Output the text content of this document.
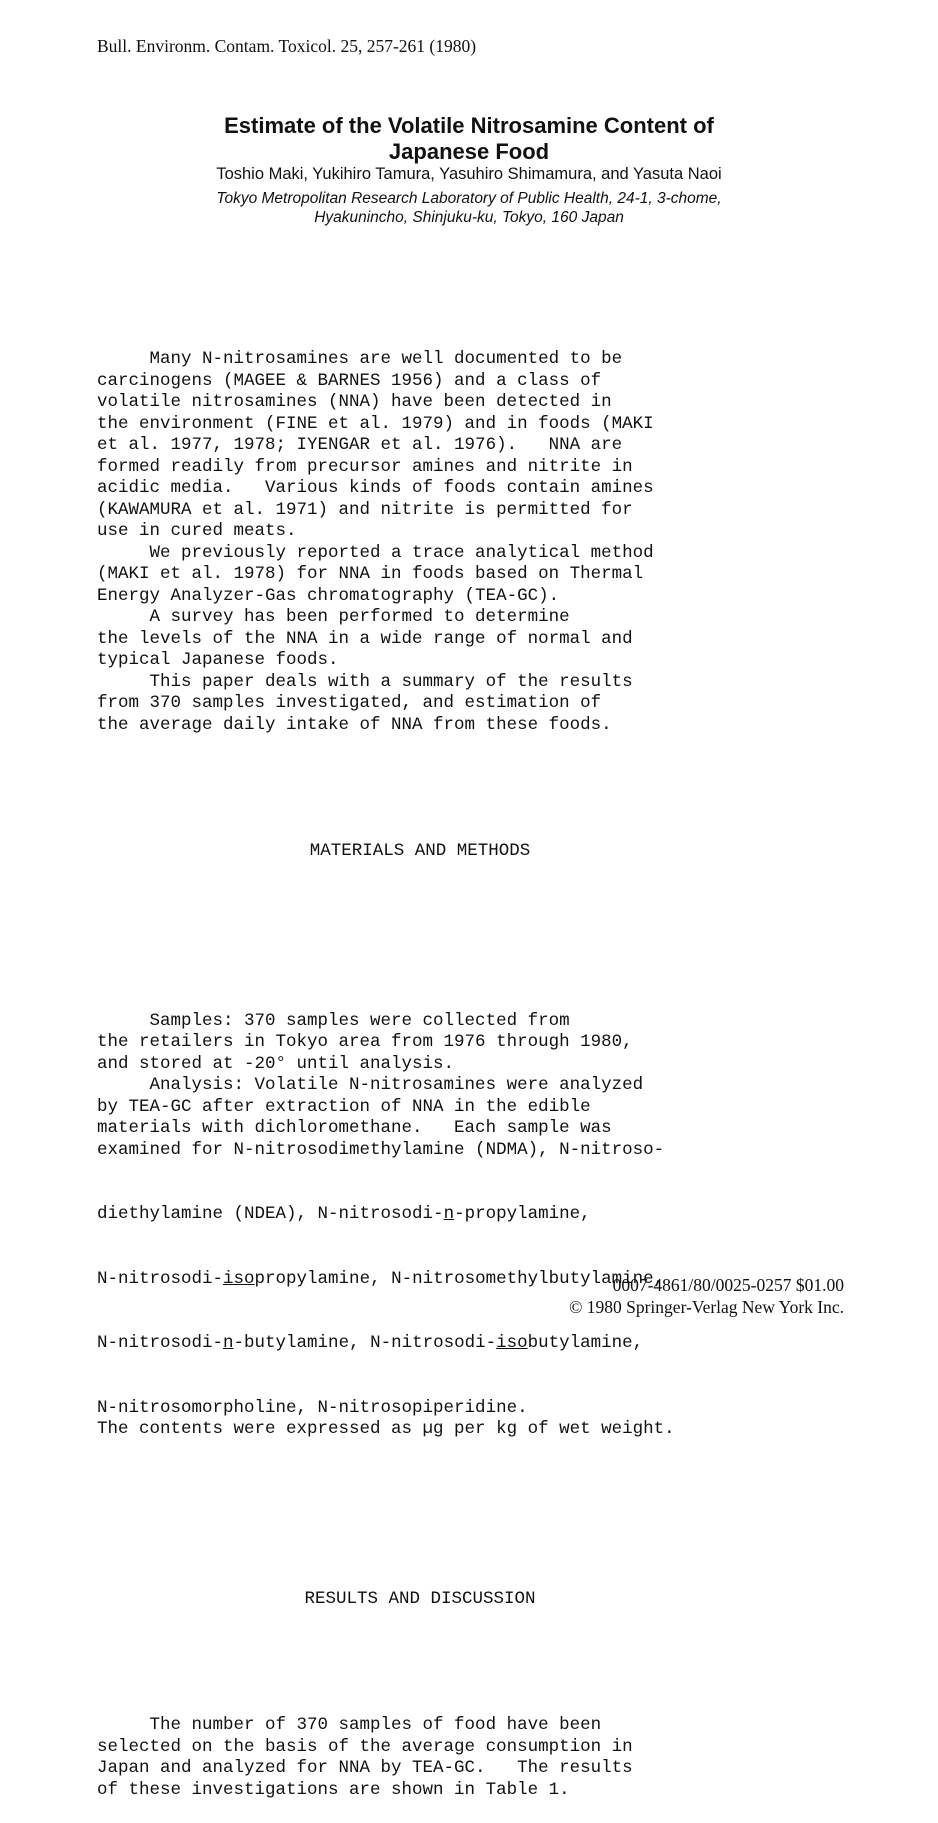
Bull. Environm. Contam. Toxicol. 25, 257-261 (1980)
Estimate of the Volatile Nitrosamine Content of
Japanese Food
Toshio Maki, Yukihiro Tamura, Yasuhiro Shimamura, and Yasuta Naoi
Tokyo Metropolitan Research Laboratory of Public Health, 24-1, 3-chome,
Hyakunincho, Shinjuku-ku, Tokyo, 160 Japan

Many N-nitrosamines are well documented to be
carcinogens (MAGEE & BARNES 1956) and a class of
volatile nitrosamines (NNA) have been detected in
the environment (FINE et al. 1979) and in foods (MAKI
et al. 1977, 1978; IYENGAR et al. 1976).   NNA are
formed readily from precursor amines and nitrite in
acidic media.   Various kinds of foods contain amines
(KAWAMURA et al. 1971) and nitrite is permitted for
use in cured meats.
We previously reported a trace analytical method
(MAKI et al. 1978) for NNA in foods based on Thermal
Energy Analyzer-Gas chromatography (TEA-GC).
A survey has been performed to determine
the levels of the NNA in a wide range of normal and
typical Japanese foods.
This paper deals with a summary of the results
from 370 samples investigated, and estimation of
the average daily intake of NNA from these foods.

MATERIALS AND METHODS

Samples: 370 samples were collected from
the retailers in Tokyo area from 1976 through 1980,
and stored at -20° until analysis.
Analysis: Volatile N-nitrosamines were analyzed
by TEA-GC after extraction of NNA in the edible
materials with dichloromethane.   Each sample was
examined for N-nitrosodimethylamine (NDMA), N-nitroso-

diethylamine (NDEA), N-nitrosodi-n-propylamine,

N-nitrosodi-isopropylamine, N-nitrosomethylbutylamine,

N-nitrosodi-n-butylamine, N-nitrosodi-isobutylamine,

N-nitrosomorpholine, N-nitrosopiperidine.
The contents were expressed as µg per kg of wet weight.

RESULTS AND DISCUSSION

The number of 370 samples of food have been
selected on the basis of the average consumption in
Japan and analyzed for NNA by TEA-GC.   The results
of these investigations are shown in Table 1.

0007-4861/80/0025-0257 $01.00
© 1980 Springer-Verlag New York Inc.
